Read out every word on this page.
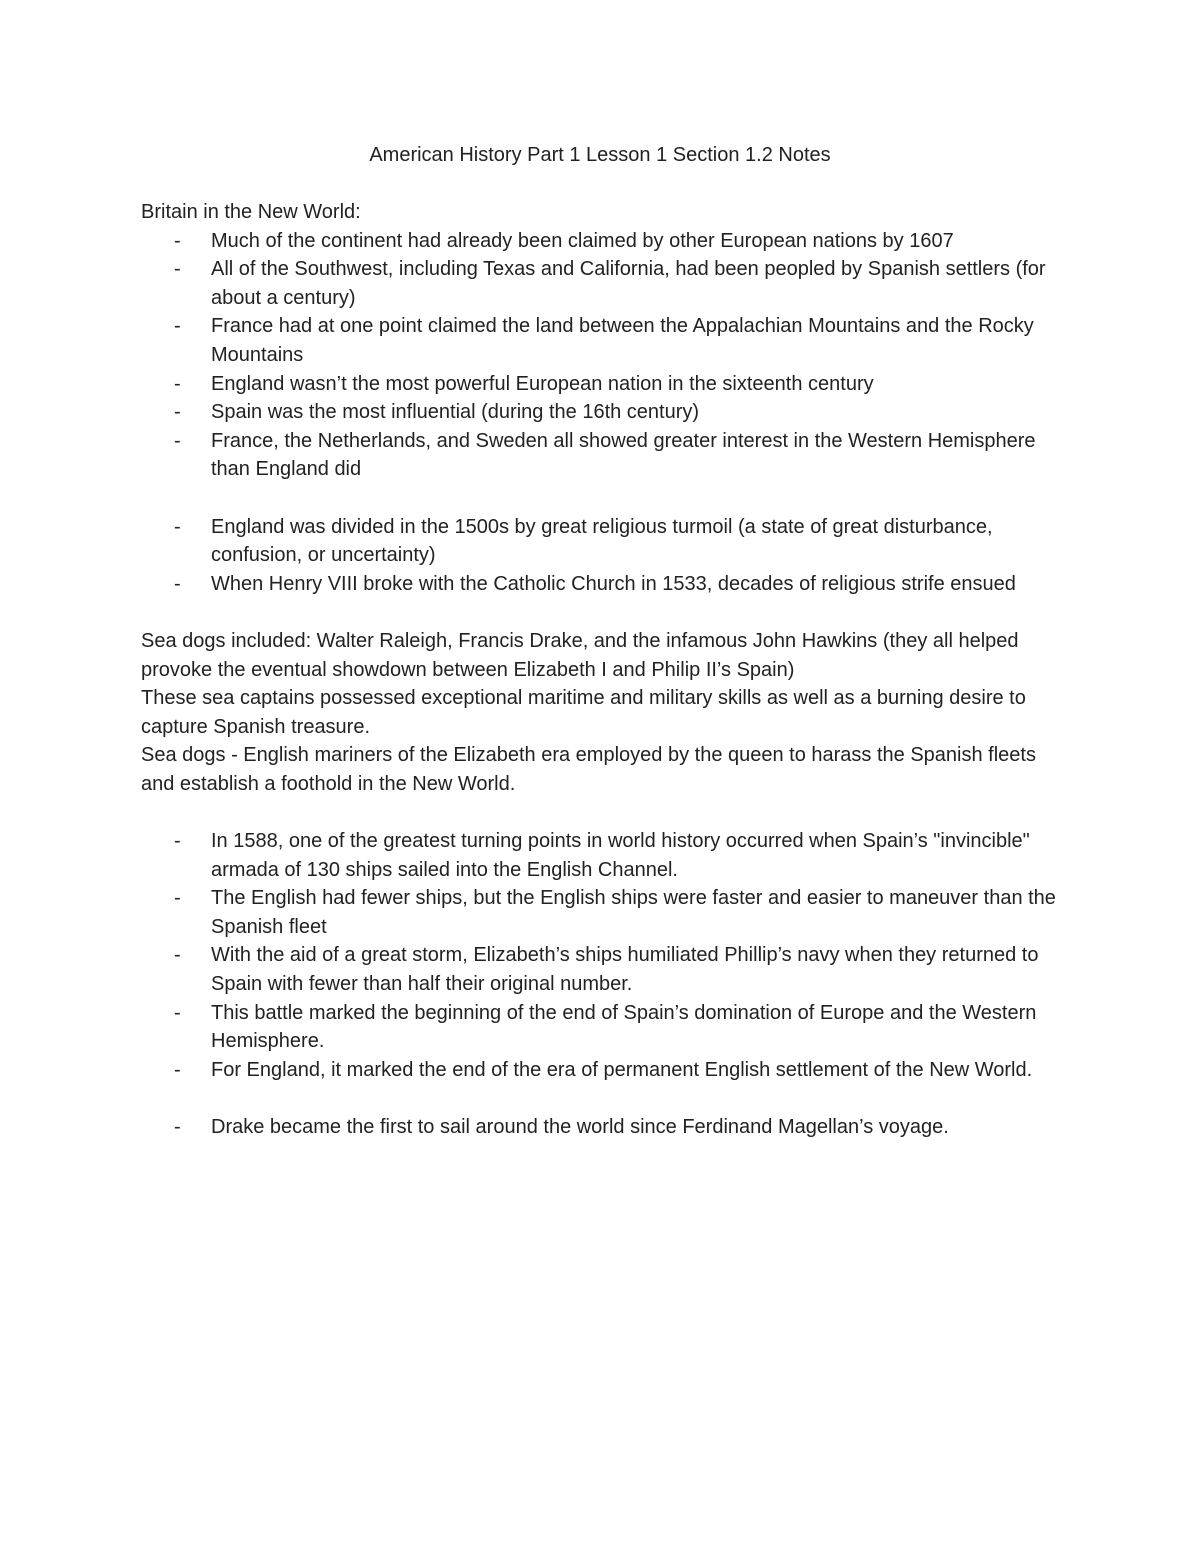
American History Part 1 Lesson 1 Section 1.2 Notes

Britain in the New World:

- Much of the continent had already been claimed by other European nations by 1607
- All of the Southwest, including Texas and California, had been peopled by Spanish settlers (for about a century)
- France had at one point claimed the land between the Appalachian Mountains and the Rocky Mountains
- England wasn’t the most powerful European nation in the sixteenth century
- Spain was the most influential (during the 16th century)
- France, the Netherlands, and Sweden all showed greater interest in the Western Hemisphere than England did
- England was divided in the 1500s by great religious turmoil (a state of great disturbance, confusion, or uncertainty)
- When Henry VIII broke with the Catholic Church in 1533, decades of religious strife ensued

Sea dogs included: Walter Raleigh, Francis Drake, and the infamous John Hawkins (they all helped provoke the eventual showdown between Elizabeth I and Philip II’s Spain)

These sea captains possessed exceptional maritime and military skills as well as a burning desire to capture Spanish treasure.

Sea dogs - English mariners of the Elizabeth era employed by the queen to harass the Spanish fleets and establish a foothold in the New World.

- In 1588, one of the greatest turning points in world history occurred when Spain’s "invincible" armada of 130 ships sailed into the English Channel.
- The English had fewer ships, but the English ships were faster and easier to maneuver than the Spanish fleet
- With the aid of a great storm, Elizabeth’s ships humiliated Phillip’s navy when they returned to Spain with fewer than half their original number.
- This battle marked the beginning of the end of Spain’s domination of Europe and the Western Hemisphere.
- For England, it marked the end of the era of permanent English settlement of the New World.
- Drake became the first to sail around the world since Ferdinand Magellan’s voyage.
